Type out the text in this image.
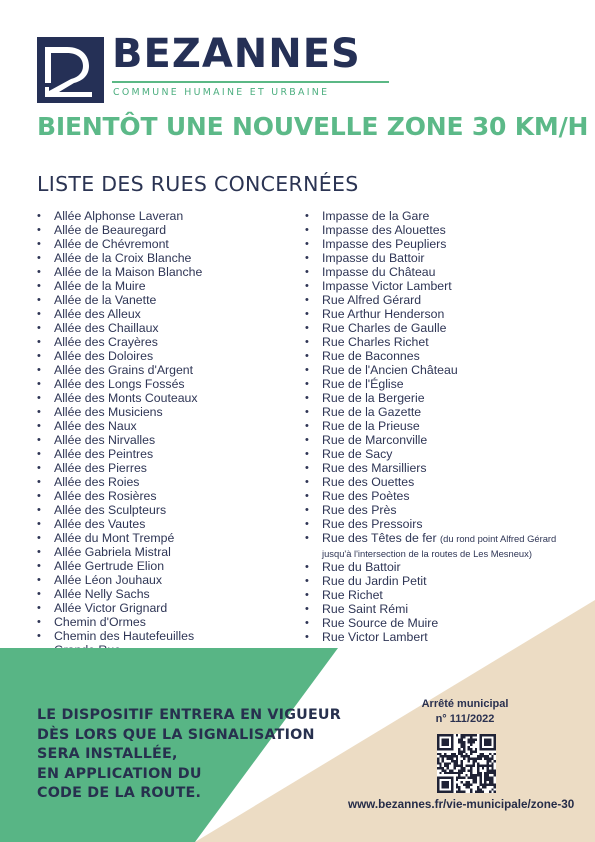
BEZANNES
COMMUNE HUMAINE ET URBAINE
BIENTÔT UNE NOUVELLE ZONE 30 KM/H
LISTE DES RUES CONCERNÉES
• Allée Alphonse Laveran
• Allée de Beauregard
• Allée de Chévremont
• Allée de la Croix Blanche
• Allée de la Maison Blanche
• Allée de la Muire
• Allée de la Vanette
• Allée des Alleux
• Allée des Chaillaux
• Allée des Crayères
• Allée des Doloires
• Allée des Grains d'Argent
• Allée des Longs Fossés
• Allée des Monts Couteaux
• Allée des Musiciens
• Allée des Naux
• Allée des Nirvalles
• Allée des Peintres
• Allée des Pierres
• Allée des Roies
• Allée des Rosières
• Allée des Sculpteurs
• Allée des Vautes
• Allée du Mont Trempé
• Allée Gabriela Mistral
• Allée Gertrude Elion
• Allée Léon Jouhaux
• Allée Nelly Sachs
• Allée Victor Grignard
• Chemin d'Ormes
• Chemin des Hautefeuilles
•
• Impasse de la Gare
• Impasse des Alouettes
• Impasse des Peupliers
• Impasse du Battoir
• Impasse du Château
• Impasse Victor Lambert
• Rue Alfred Gérard
• Rue Arthur Henderson
• Rue Charles de Gaulle
• Rue Charles Richet
• Rue de Baconnes
• Rue de l'Ancien Château
• Rue de l'Église
• Rue de la Bergerie
• Rue de la Gazette
• Rue de la Prieuse
• Rue de Marconville
• Rue de Sacy
• Rue des Marsilliers
• Rue des Ouettes
• Rue des Poètes
• Rue des Près
• Rue des Pressoirs
• Rue des Têtes de fer (du rond point Alfred Gérard jusqu'à l'intersection de la routes de Les Mesneux)
• Rue du Battoir
• Rue du Jardin Petit
• Rue Richet
• Rue Saint Rémi
• Rue Source de Muire
• Rue Victor Lambert
LE DISPOSITIF ENTRERA EN VIGUEUR
DÈS LORS QUE LA SIGNALISATION
SERA INSTALLÉE,
EN APPLICATION DU
CODE DE LA ROUTE.
Arrêté municipal
n° 111/2022
www.bezannes.fr/vie-municipale/zone-30
